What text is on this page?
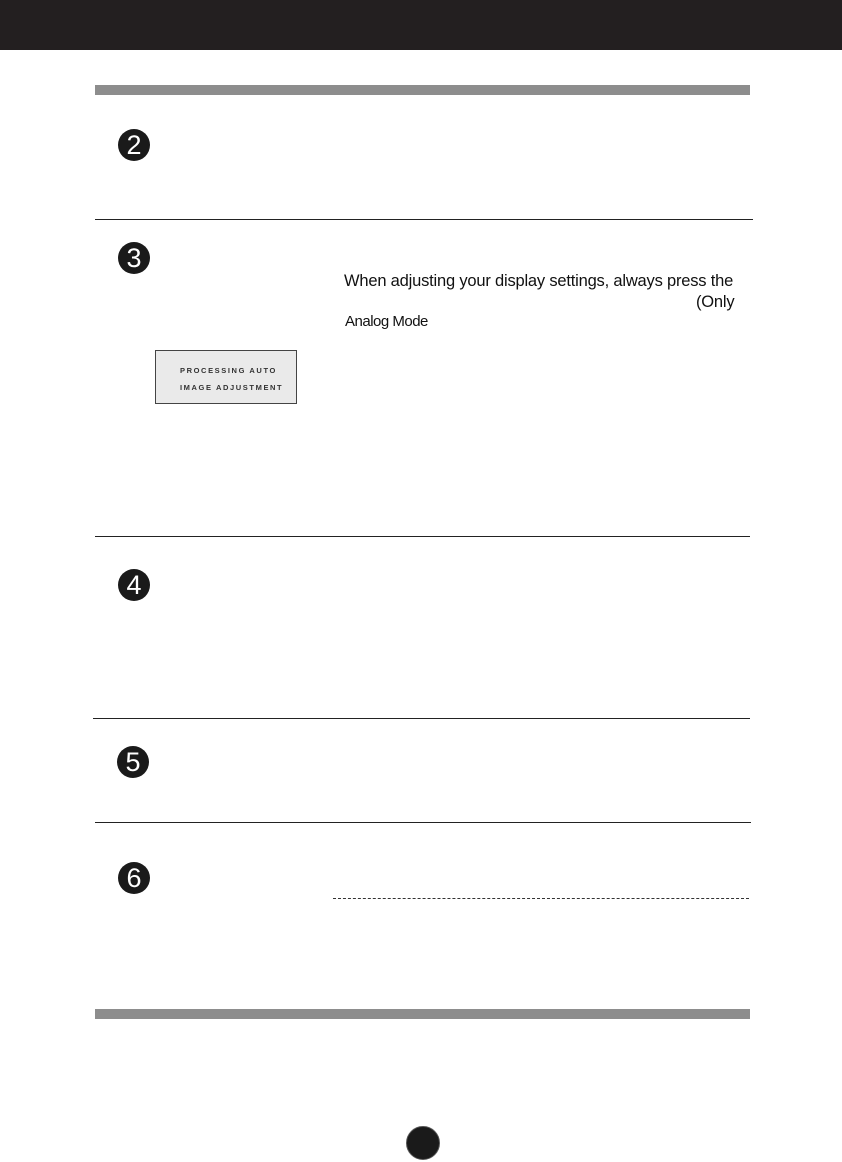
2
3
When adjusting your display settings, always press the
(Only
Analog Mode
PROCESSING AUTO
IMAGE ADJUSTMENT
4
5
6
